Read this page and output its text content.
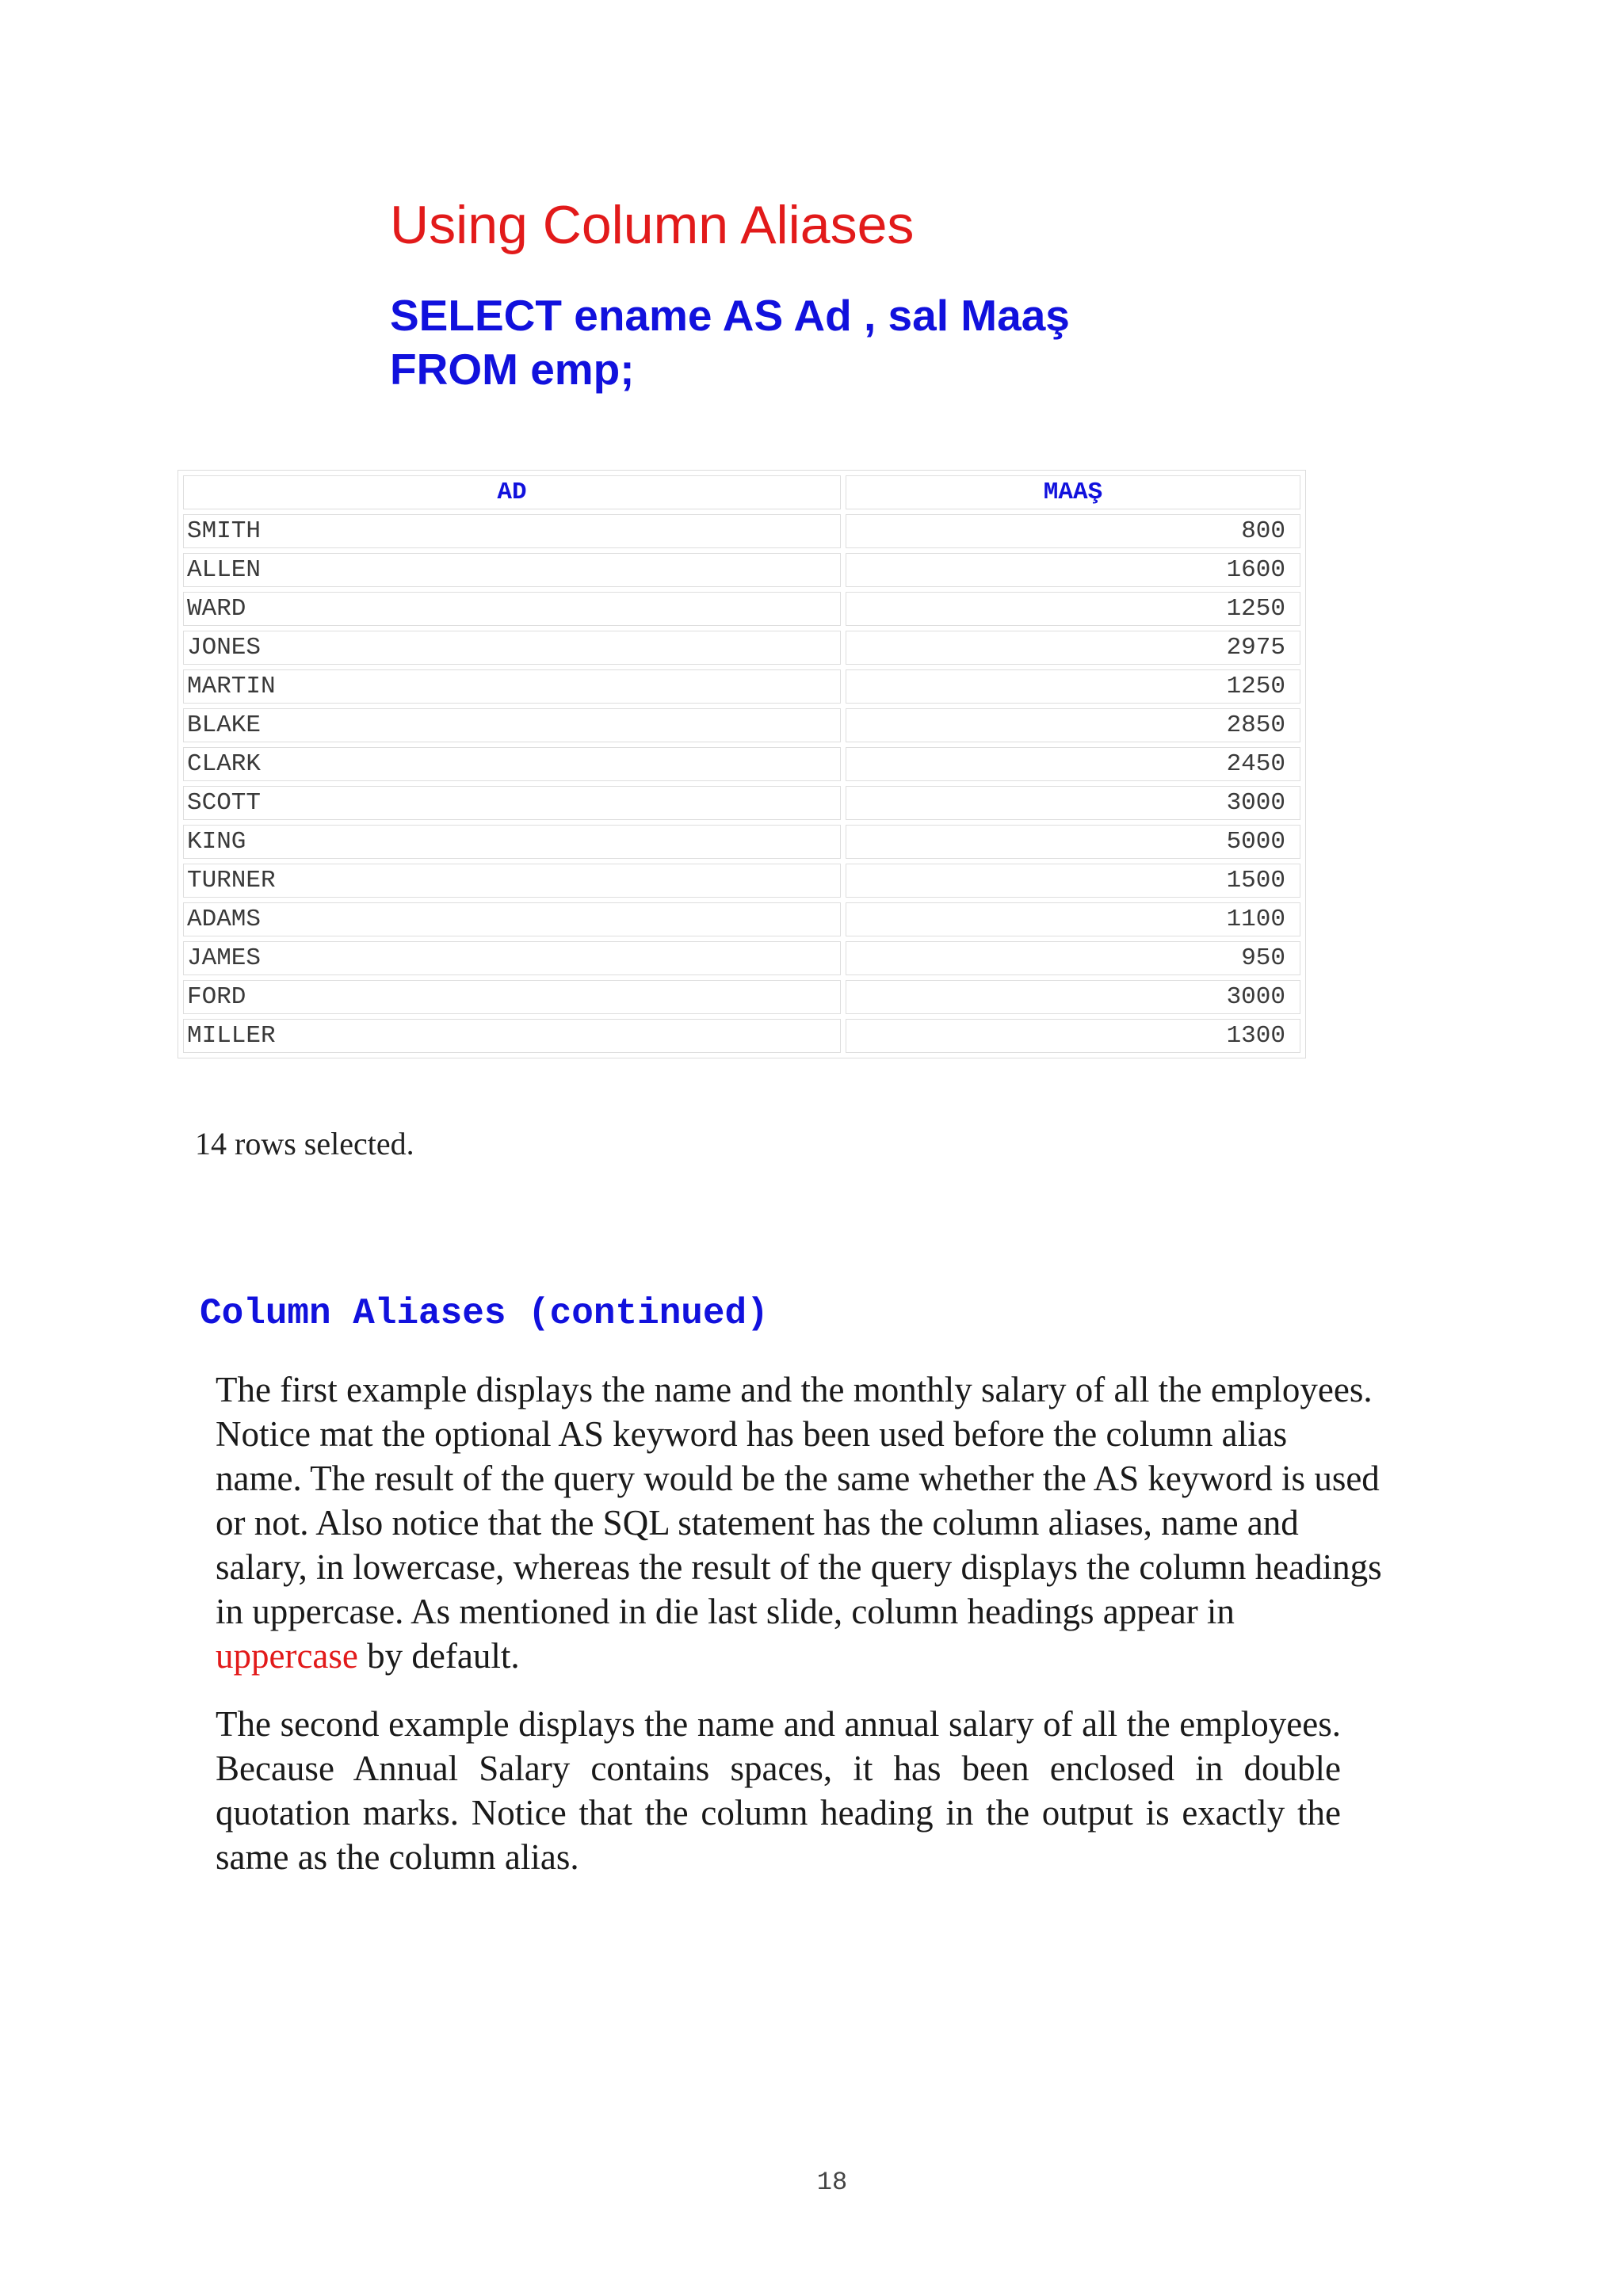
Using Column Aliases
SELECT ename AS Ad , sal Maaş
FROM emp;
AD	MAAŞ
SMITH	800
ALLEN	1600
WARD	1250
JONES	2975
MARTIN	1250
BLAKE	2850
CLARK	2450
SCOTT	3000
KING	5000
TURNER	1500
ADAMS	1100
JAMES	950
FORD	3000
MILLER	1300
14 rows selected.
Column Aliases (continued)

The first example displays the name and the monthly salary of all the employees. Notice mat the optional AS keyword has been used before the column alias name. The result of the query would be the same whether the AS keyword is used or not. Also notice that the SQL statement has the column aliases, name and salary, in lowercase, whereas the result of the query displays the column headings in uppercase. As mentioned in die last slide, column headings appear in uppercase by default.

The second example displays the name and annual salary of all the employees. Because Annual Salary contains spaces, it has been enclosed in double quotation marks. Notice that the column heading in the output is exactly the same as the column alias.

18
